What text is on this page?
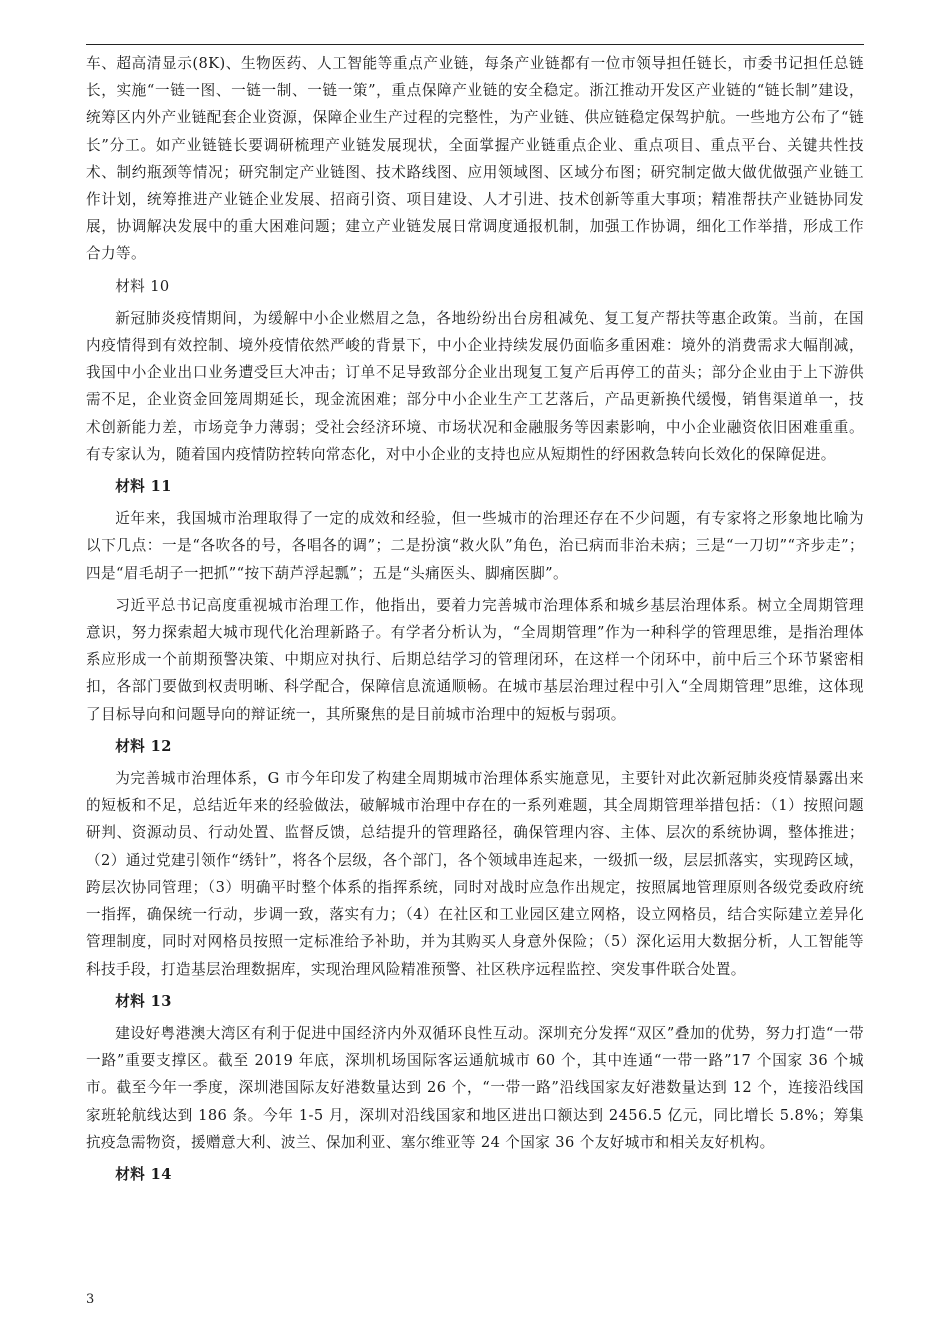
车、超高清显示(8K)、生物医药、人工智能等重点产业链，每条产业链都有一位市领导担任链长，市委书记担任总链长，实施“一链一图、一链一制、一链一策”，重点保障产业链的安全稳定。浙江推动开发区产业链的“链长制”建设，统筹区内外产业链配套企业资源，保障企业生产过程的完整性，为产业链、供应链稳定保驾护航。一些地方公布了“链长”分工。如产业链链长要调研梳理产业链发展现状，全面掌握产业链重点企业、重点项目、重点平台、关键共性技术、制约瓶颈等情况；研究制定产业链图、技术路线图、应用领域图、区域分布图；研究制定做大做优做强产业链工作计划，统筹推进产业链企业发展、招商引资、项目建设、人才引进、技术创新等重大事项；精准帮扶产业链协同发展，协调解决发展中的重大困难问题；建立产业链发展日常调度通报机制，加强工作协调，细化工作举措，形成工作合力等。

材料 10

新冠肺炎疫情期间，为缓解中小企业燃眉之急，各地纷纷出台房租减免、复工复产帮扶等惠企政策。当前，在国内疫情得到有效控制、境外疫情依然严峻的背景下，中小企业持续发展仍面临多重困难：境外的消费需求大幅削减，我国中小企业出口业务遭受巨大冲击；订单不足导致部分企业出现复工复产后再停工的苗头；部分企业由于上下游供需不足，企业资金回笼周期延长，现金流困难；部分中小企业生产工艺落后，产品更新换代缓慢，销售渠道单一，技术创新能力差，市场竞争力薄弱；受社会经济环境、市场状况和金融服务等因素影响，中小企业融资依旧困难重重。有专家认为，随着国内疫情防控转向常态化，对中小企业的支持也应从短期性的纾困救急转向长效化的保障促进。

材料 11

近年来，我国城市治理取得了一定的成效和经验，但一些城市的治理还存在不少问题，有专家将之形象地比喻为以下几点：一是“各吹各的号，各唱各的调”；二是扮演“救火队”角色，治已病而非治未病；三是“一刀切”“齐步走”；四是“眉毛胡子一把抓”“按下葫芦浮起瓢”；五是“头痛医头、脚痛医脚”。

习近平总书记高度重视城市治理工作，他指出，要着力完善城市治理体系和城乡基层治理体系。树立全周期管理意识，努力探索超大城市现代化治理新路子。有学者分析认为，“全周期管理”作为一种科学的管理思维，是指治理体系应形成一个前期预警决策、中期应对执行、后期总结学习的管理闭环，在这样一个闭环中，前中后三个环节紧密相扣，各部门要做到权责明晰、科学配合，保障信息流通顺畅。在城市基层治理过程中引入“全周期管理”思维，这体现了目标导向和问题导向的辩证统一，其所聚焦的是目前城市治理中的短板与弱项。

材料 12

为完善城市治理体系，G 市今年印发了构建全周期城市治理体系实施意见，主要针对此次新冠肺炎疫情暴露出来的短板和不足，总结近年来的经验做法，破解城市治理中存在的一系列难题，其全周期管理举措包括：（1）按照问题研判、资源动员、行动处置、监督反馈，总结提升的管理路径，确保管理内容、主体、层次的系统协调，整体推进；（2）通过党建引领作“绣针”，将各个层级，各个部门，各个领域串连起来，一级抓一级，层层抓落实，实现跨区域，跨层次协同管理；（3）明确平时整个体系的指挥系统，同时对战时应急作出规定，按照属地管理原则各级党委政府统一指挥，确保统一行动，步调一致，落实有力；（4）在社区和工业园区建立网格，设立网格员，结合实际建立差异化管理制度，同时对网格员按照一定标准给予补助，并为其购买人身意外保险；（5）深化运用大数据分析，人工智能等科技手段，打造基层治理数据库，实现治理风险精准预警、社区秩序远程监控、突发事件联合处置。

材料 13

建设好粤港澳大湾区有利于促进中国经济内外双循环良性互动。深圳充分发挥“双区”叠加的优势，努力打造“一带一路”重要支撑区。截至 2019 年底，深圳机场国际客运通航城市 60 个，其中连通“一带一路”17 个国家 36 个城市。截至今年一季度，深圳港国际友好港数量达到 26 个，“一带一路”沿线国家友好港数量达到 12 个，连接沿线国家班轮航线达到 186 条。今年 1-5 月，深圳对沿线国家和地区进出口额达到 2456.5 亿元，同比增长 5.8%；筹集抗疫急需物资，援赠意大利、波兰、保加利亚、塞尔维亚等 24 个国家 36 个友好城市和相关友好机构。

材料 14
3
